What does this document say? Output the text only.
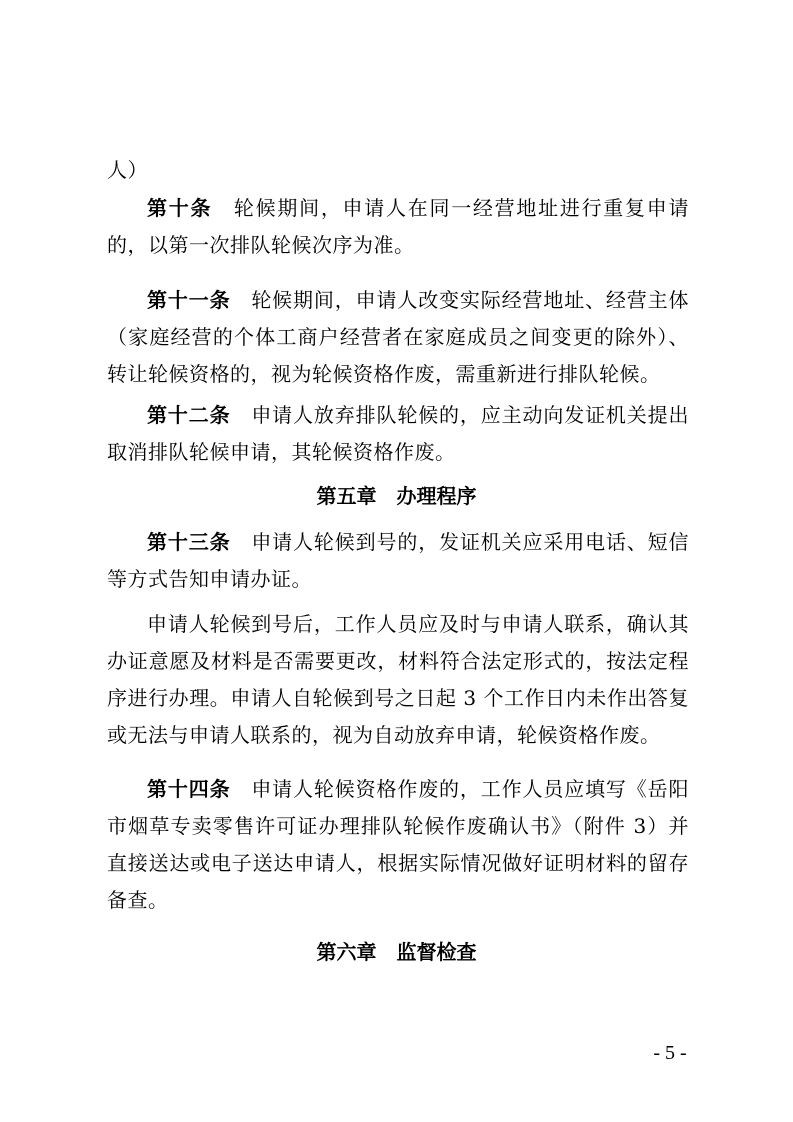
人）

第十条  轮候期间，申请人在同一经营地址进行重复申请的，以第一次排队轮候次序为准。

第十一条  轮候期间，申请人改变实际经营地址、经营主体（家庭经营的个体工商户经营者在家庭成员之间变更的除外）、转让轮候资格的，视为轮候资格作废，需重新进行排队轮候。

第十二条  申请人放弃排队轮候的，应主动向发证机关提出取消排队轮候申请，其轮候资格作废。

第五章　办理程序

第十三条  申请人轮候到号的，发证机关应采用电话、短信等方式告知申请办证。

申请人轮候到号后，工作人员应及时与申请人联系，确认其办证意愿及材料是否需要更改，材料符合法定形式的，按法定程序进行办理。申请人自轮候到号之日起 3 个工作日内未作出答复或无法与申请人联系的，视为自动放弃申请，轮候资格作废。

第十四条  申请人轮候资格作废的，工作人员应填写《岳阳市烟草专卖零售许可证办理排队轮候作废确认书》（附件 3）并直接送达或电子送达申请人，根据实际情况做好证明材料的留存备查。

第六章　监督检查
- 5 -
